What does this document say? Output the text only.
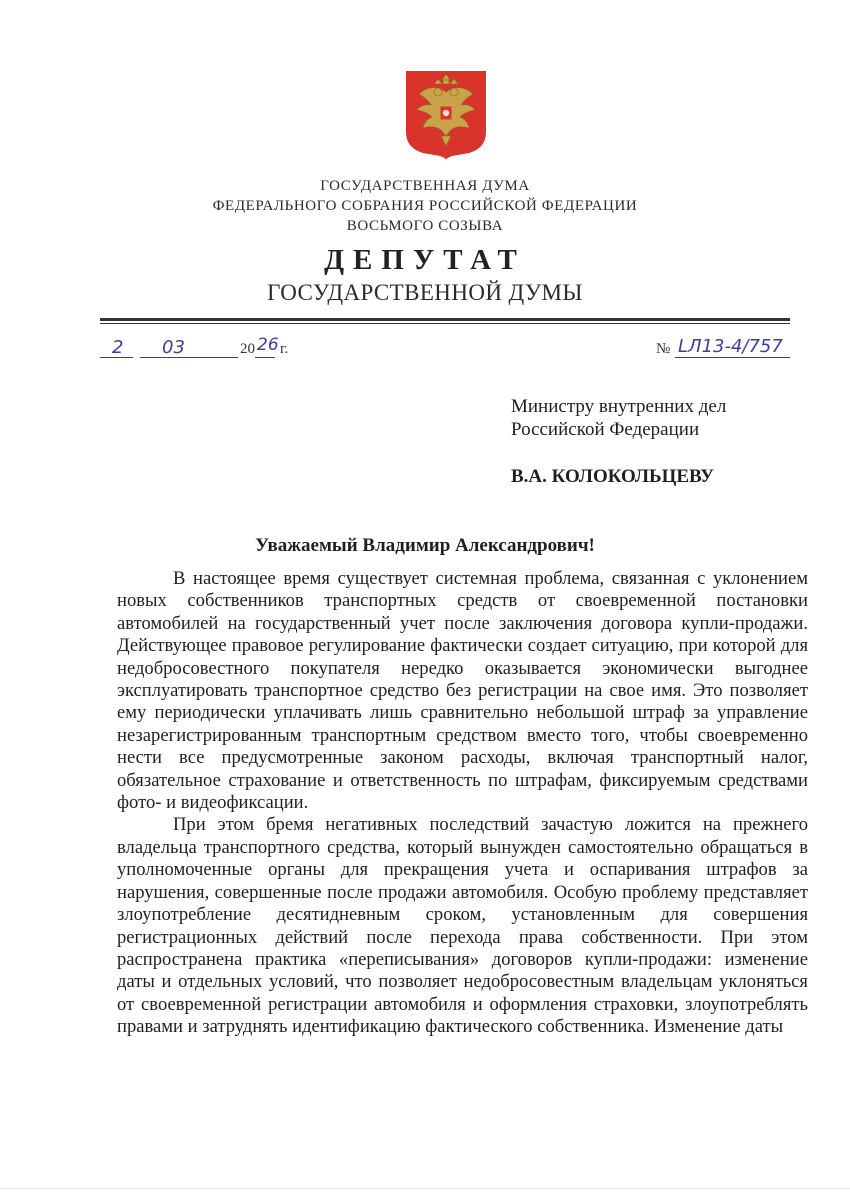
ГОСУДАРСТВЕННАЯ ДУМА
ФЕДЕРАЛЬНОГО СОБРАНИЯ РОССИЙСКОЙ ФЕДЕРАЦИИ
ВОСЬМОГО СОЗЫВА
ДЕПУТАТ
ГОСУДАРСТВЕННОЙ ДУМЫ
2 03	20 26 г.	№ LЛ13-4/757
Министру внутренних дел
Российской Федерации
В.А. КОЛОКОЛЬЦЕВУ
Уважаемый Владимир Александрович!

В настоящее время существует системная проблема, связанная с уклонением новых собственников транспортных средств от своевременной постановки автомобилей на государственный учет после заключения договора купли-продажи. Действующее правовое регулирование фактически создает ситуацию, при которой для недобросовестного покупателя нередко оказывается экономически выгоднее эксплуатировать транспортное средство без регистрации на свое имя. Это позволяет ему периодически уплачивать лишь сравнительно небольшой штраф за управление незарегистрированным транспортным средством вместо того, чтобы своевременно нести все предусмотренные законом расходы, включая транспортный налог, обязательное страхование и ответственность по штрафам, фиксируемым средствами фото- и видеофиксации.

При этом бремя негативных последствий зачастую ложится на прежнего владельца транспортного средства, который вынужден самостоятельно обращаться в уполномоченные органы для прекращения учета и оспаривания штрафов за нарушения, совершенные после продажи автомобиля. Особую проблему представляет злоупотребление десятидневным сроком, установленным для совершения регистрационных действий после перехода права собственности. При этом распространена практика «переписывания» договоров купли-продажи: изменение даты и отдельных условий, что позволяет недобросовестным владельцам уклоняться от своевременной регистрации автомобиля и оформления страховки, злоупотреблять правами и затруднять идентификацию фактического собственника. Изменение даты
